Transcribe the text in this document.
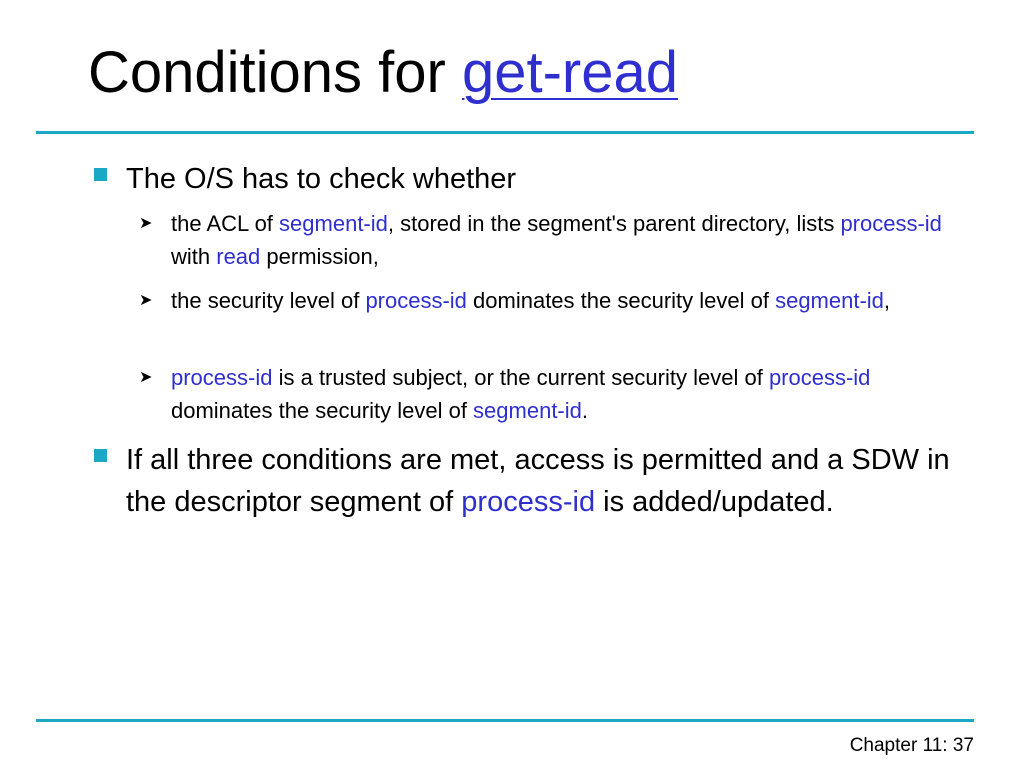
Conditions for get-read
The O/S has to check whether
➤ the ACL of segment-id, stored in the segment's parent directory, lists process-id with read permission,
➤ the security level of process-id dominates the security level of segment-id,
➤ process-id is a trusted subject, or the current security level of process-id dominates the security level of segment-id.
If all three conditions are met, access is permitted and a SDW in the descriptor segment of process-id is added/updated.
Chapter 11: 37
